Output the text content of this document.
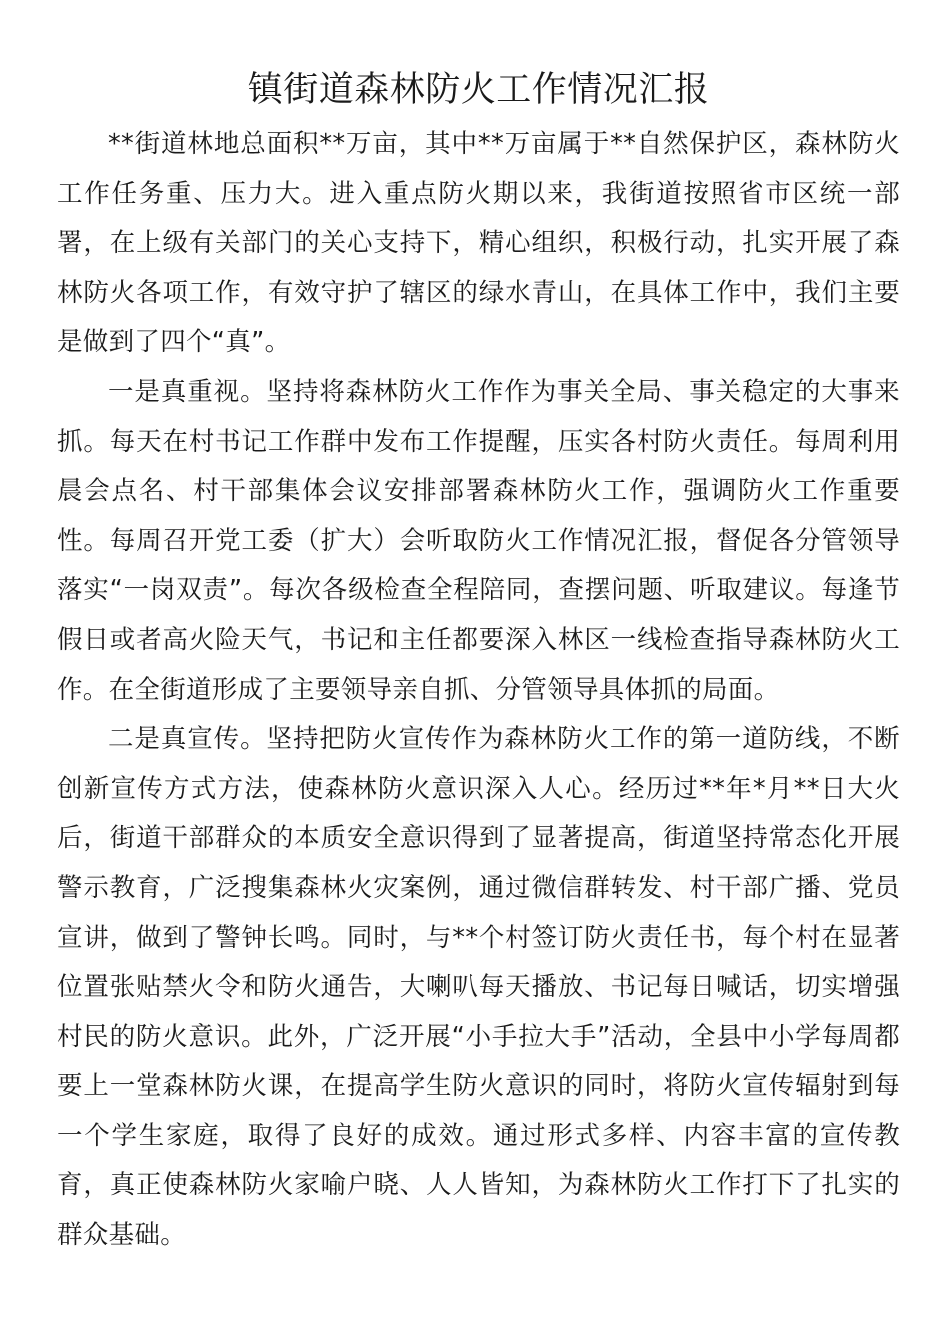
镇街道森林防火工作情况汇报

**街道林地总面积**万亩，其中**万亩属于**自然保护区，森林防火工作任务重、压力大。进入重点防火期以来，我街道按照省市区统一部署，在上级有关部门的关心支持下，精心组织，积极行动，扎实开展了森林防火各项工作，有效守护了辖区的绿水青山，在具体工作中，我们主要是做到了四个“真”。

一是真重视。坚持将森林防火工作作为事关全局、事关稳定的大事来抓。每天在村书记工作群中发布工作提醒，压实各村防火责任。每周利用晨会点名、村干部集体会议安排部署森林防火工作，强调防火工作重要性。每周召开党工委（扩大）会听取防火工作情况汇报，督促各分管领导落实“一岗双责”。每次各级检查全程陪同，查摆问题、听取建议。每逢节假日或者高火险天气，书记和主任都要深入林区一线检查指导森林防火工作。在全街道形成了主要领导亲自抓、分管领导具体抓的局面。

二是真宣传。坚持把防火宣传作为森林防火工作的第一道防线，不断创新宣传方式方法，使森林防火意识深入人心。经历过**年*月**日大火后，街道干部群众的本质安全意识得到了显著提高，街道坚持常态化开展警示教育，广泛搜集森林火灾案例，通过微信群转发、村干部广播、党员宣讲，做到了警钟长鸣。同时，与**个村签订防火责任书，每个村在显著位置张贴禁火令和防火通告，大喇叭每天播放、书记每日喊话，切实增强村民的防火意识。此外，广泛开展“小手拉大手”活动，全县中小学每周都要上一堂森林防火课，在提高学生防火意识的同时，将防火宣传辐射到每一个学生家庭，取得了良好的成效。通过形式多样、内容丰富的宣传教育，真正使森林防火家喻户晓、人人皆知，为森林防火工作打下了扎实的群众基础。
